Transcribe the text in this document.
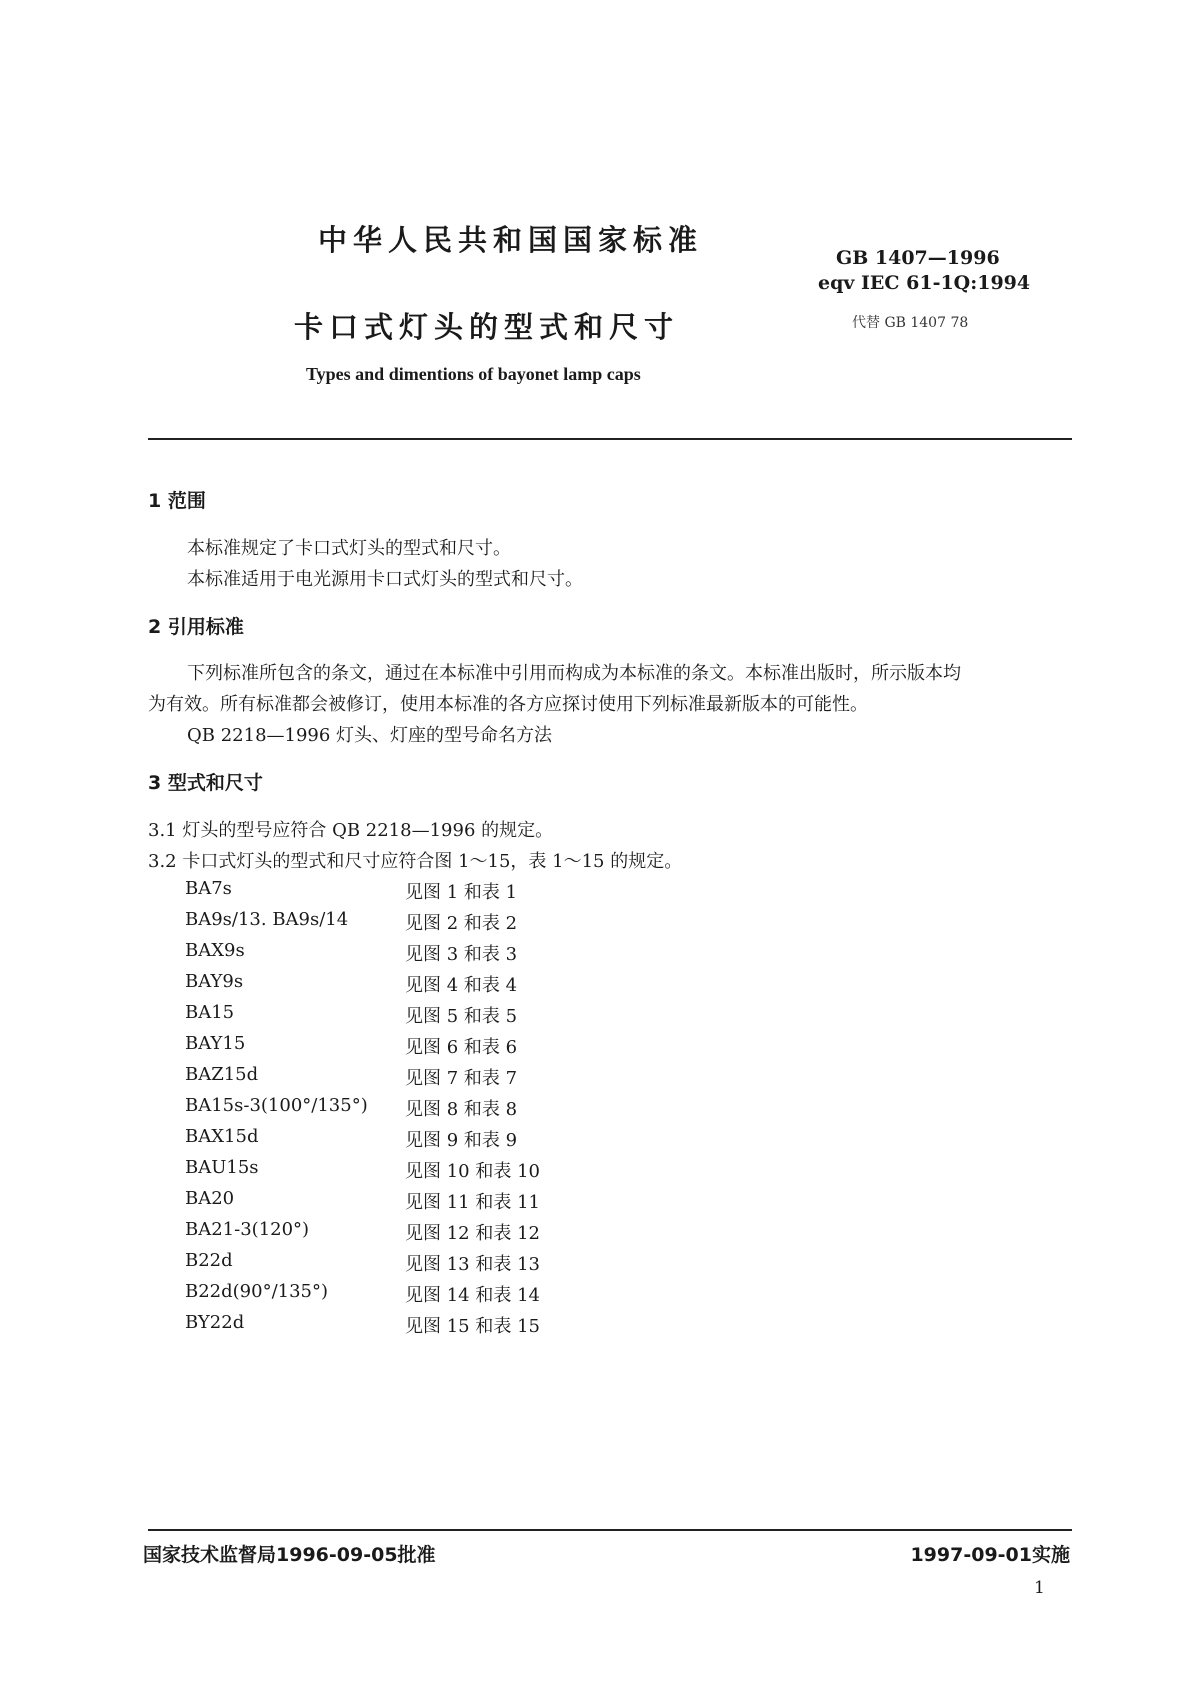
中华人民共和国国家标准
GB 1407—1996
eqv IEC 61-1Q:1994
卡口式灯头的型式和尺寸	代替 GB 1407 78
Types and dimentions of bayonet lamp caps
1 范围
本标准规定了卡口式灯头的型式和尺寸。
本标准适用于电光源用卡口式灯头的型式和尺寸。
2 引用标准
下列标准所包含的条文，通过在本标准中引用而构成为本标准的条文。本标准出版时，所示版本均
为有效。所有标准都会被修订，使用本标准的各方应探讨使用下列标准最新版本的可能性。
QB 2218—1996 灯头、灯座的型号命名方法
3 型式和尺寸
3.1 灯头的型号应符合 QB 2218—1996 的规定。
3.2 卡口式灯头的型式和尺寸应符合图 1～15，表 1～15 的规定。
BA7s	见图 1 和表 1
BA9s/13. BA9s/14	见图 2 和表 2
BAX9s	见图 3 和表 3
BAY9s	见图 4 和表 4
BA15	见图 5 和表 5
BAY15	见图 6 和表 6
BAZ15d	见图 7 和表 7
BA15s-3(100°/135°) 见图 8 和表 8
BAX15d	见图 9 和表 9
BAU15s	见图 10 和表 10
BA20	见图 11 和表 11
BA21-3(120°)	见图 12 和表 12
B22d	见图 13 和表 13
B22d(90°/135°)	见图 14 和表 14
BY22d	见图 15 和表 15
国家技术监督局1996-09-05批准	1997-09-01实施
1
